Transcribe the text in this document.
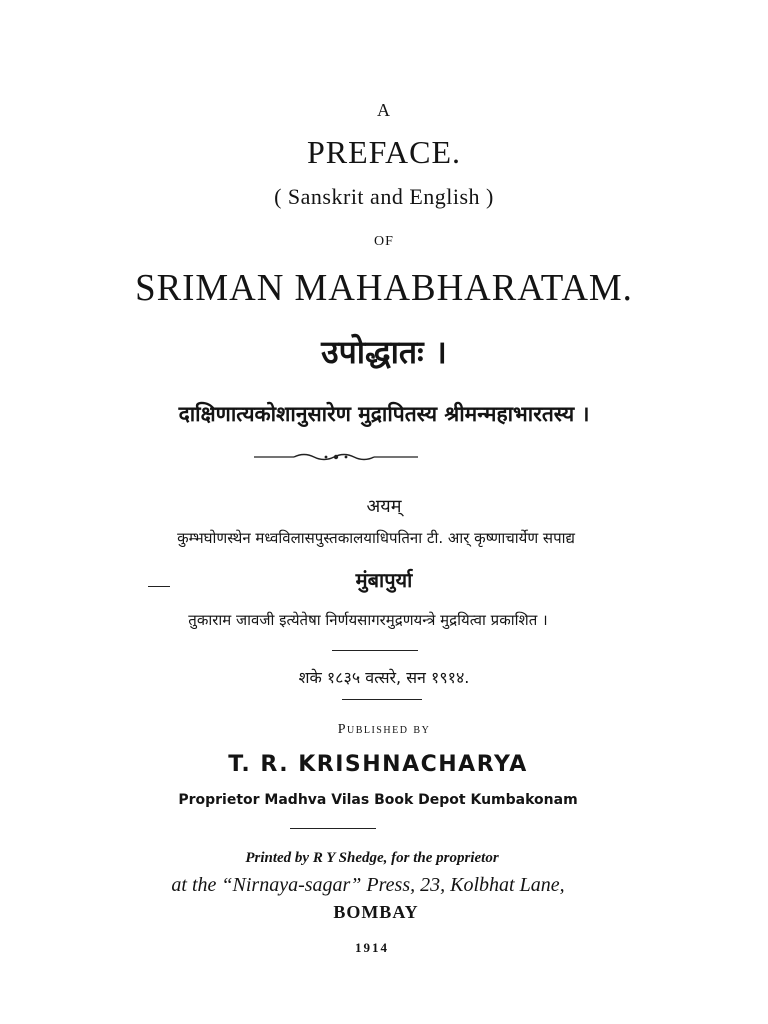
A
PREFACE.
( Sanskrit and English )
OF
SRIMAN MAHABHARATAM.
उपोद्धातः ।
दाक्षिणात्यकोशानुसारेण मुद्रापितस्य श्रीमन्महाभारतस्य ।
अयम्
कुम्भघोणस्थेन मध्वविलासपुस्तकालयाधिपतिना टी. आर् कृष्णाचार्येण सपाद्य
मुंबापुर्या
तुकाराम जावजी इत्येतेषा निर्णयसागरमुद्रणयन्त्रे मुद्रयित्वा प्रकाशित ।
शके १८३५ वत्सरे, सन १९१४.
Published by
T. R. KRISHNACHARYA
Proprietor Madhva Vilas Book Depot Kumbakonam
Printed by R Y Shedge, for the proprietor
at the “Nirnaya-sagar” Press, 23, Kolbhat Lane,
BOMBAY
1914
